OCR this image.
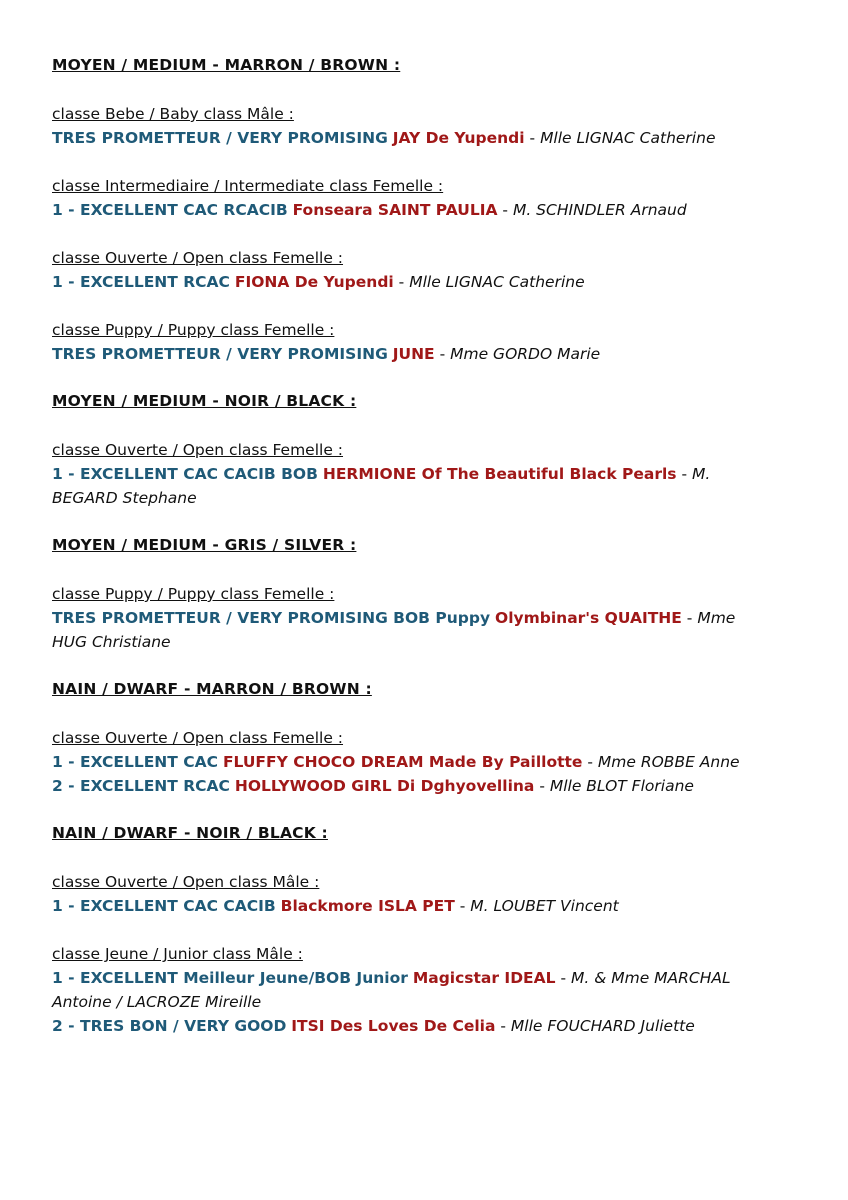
MOYEN / MEDIUM - MARRON / BROWN :
classe Bebe / Baby class Mâle :
TRES PROMETTEUR / VERY PROMISING JAY De Yupendi - Mlle LIGNAC Catherine
classe Intermediaire / Intermediate class Femelle :
1 - EXCELLENT CAC RCACIB Fonseara SAINT PAULIA - M. SCHINDLER Arnaud
classe Ouverte / Open class Femelle :
1 - EXCELLENT RCAC FIONA De Yupendi - Mlle LIGNAC Catherine
classe Puppy / Puppy class Femelle :
TRES PROMETTEUR / VERY PROMISING JUNE - Mme GORDO Marie
MOYEN / MEDIUM - NOIR / BLACK :
classe Ouverte / Open class Femelle :
1 - EXCELLENT CAC CACIB BOB HERMIONE Of The Beautiful Black Pearls - M. BEGARD Stephane
MOYEN / MEDIUM - GRIS / SILVER :
classe Puppy / Puppy class Femelle :
TRES PROMETTEUR / VERY PROMISING BOB Puppy Olymbinar's QUAITHE - Mme HUG Christiane
NAIN / DWARF - MARRON / BROWN :
classe Ouverte / Open class Femelle :
1 - EXCELLENT CAC FLUFFY CHOCO DREAM Made By Paillotte - Mme ROBBE Anne
2 - EXCELLENT RCAC HOLLYWOOD GIRL Di Dghyovellina - Mlle BLOT Floriane
NAIN / DWARF - NOIR / BLACK :
classe Ouverte / Open class Mâle :
1 - EXCELLENT CAC CACIB Blackmore ISLA PET - M. LOUBET Vincent
classe Jeune / Junior class Mâle :
1 - EXCELLENT Meilleur Jeune/BOB Junior Magicstar IDEAL - M. & Mme MARCHAL Antoine / LACROZE Mireille
2 - TRES BON / VERY GOOD ITSI Des Loves De Celia - Mlle FOUCHARD Juliette
